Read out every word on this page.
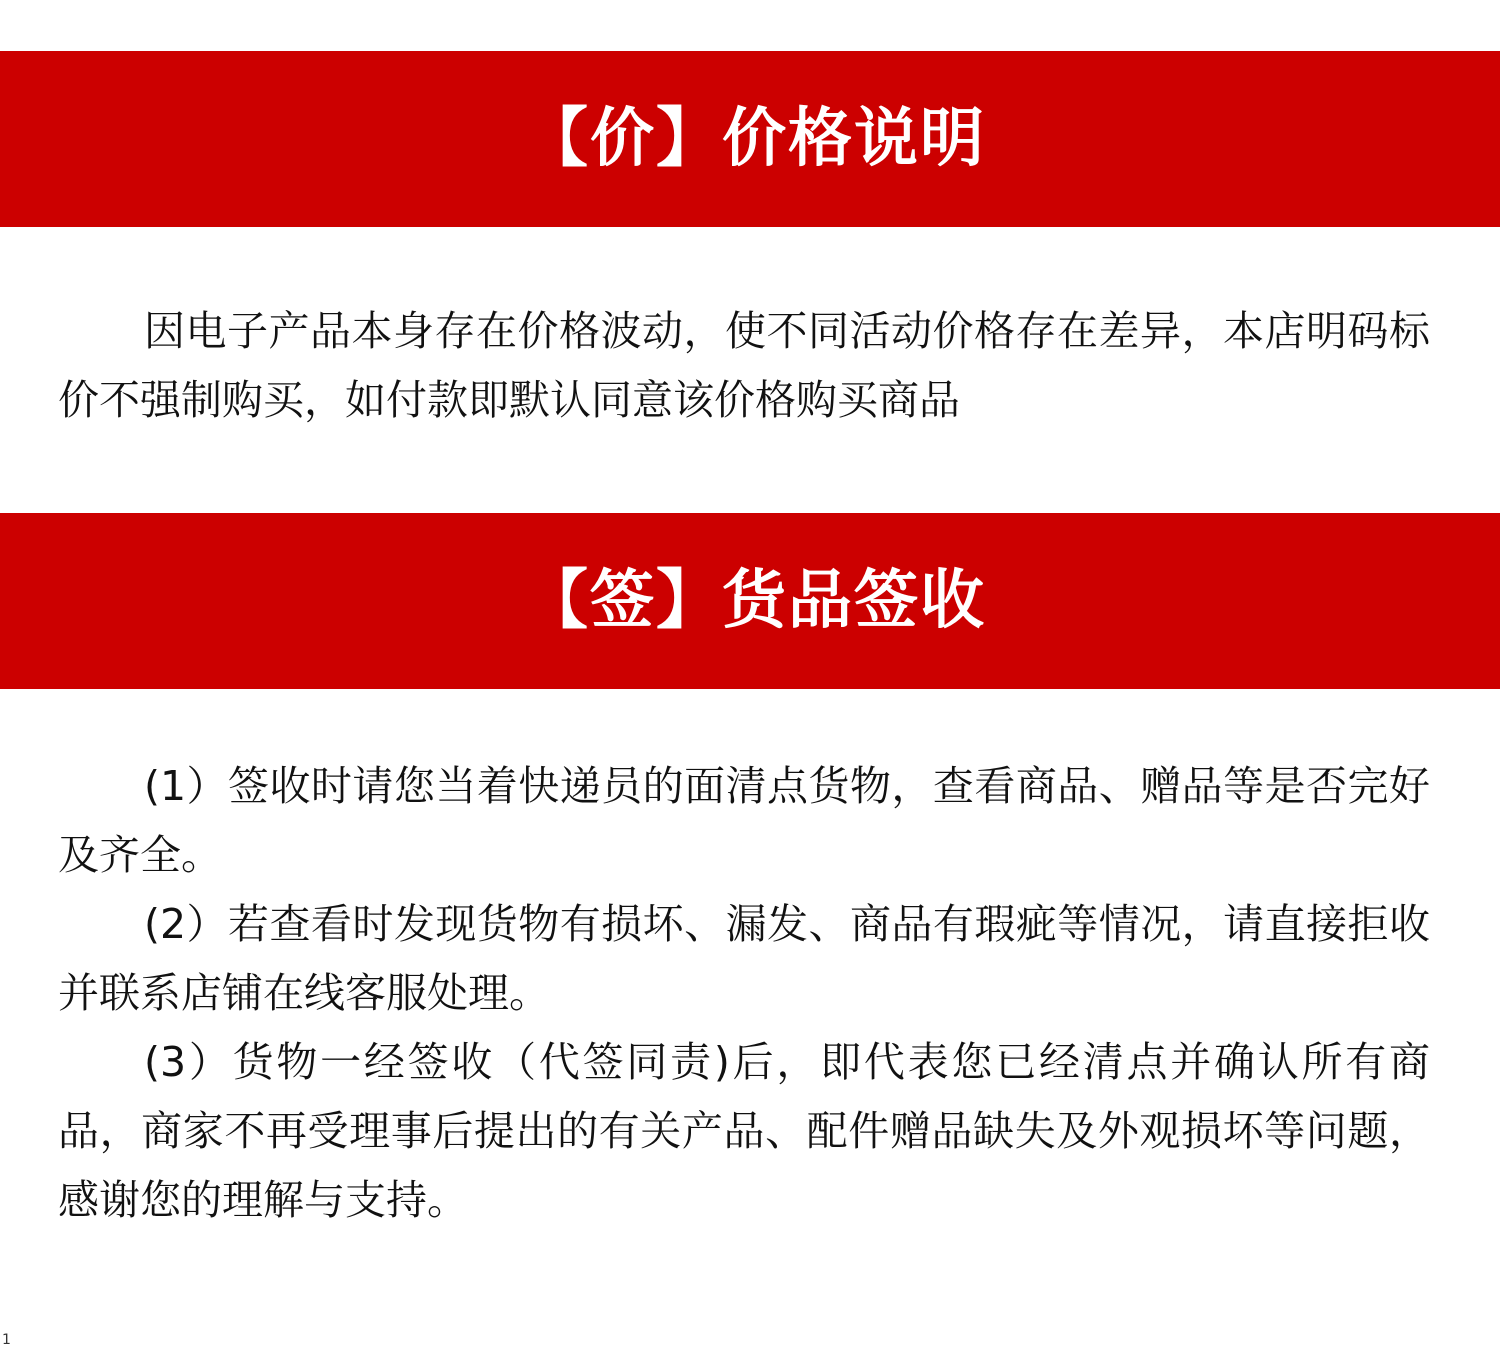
【价】价格说明

因电子产品本身存在价格波动，使不同活动价格存在差异，本店明码标价不强制购买，如付款即默认同意该价格购买商品

【签】货品签收

(1）签收时请您当着快递员的面清点货物，查看商品、赠品等是否完好及齐全。

(2）若查看时发现货物有损坏、漏发、商品有瑕疵等情况，请直接拒收并联系店铺在线客服处理。

(3）货物一经签收（代签同责)后，即代表您已经清点并确认所有商品，商家不再受理事后提出的有关产品、配件赠品缺失及外观损坏等问题，感谢您的理解与支持。

1
